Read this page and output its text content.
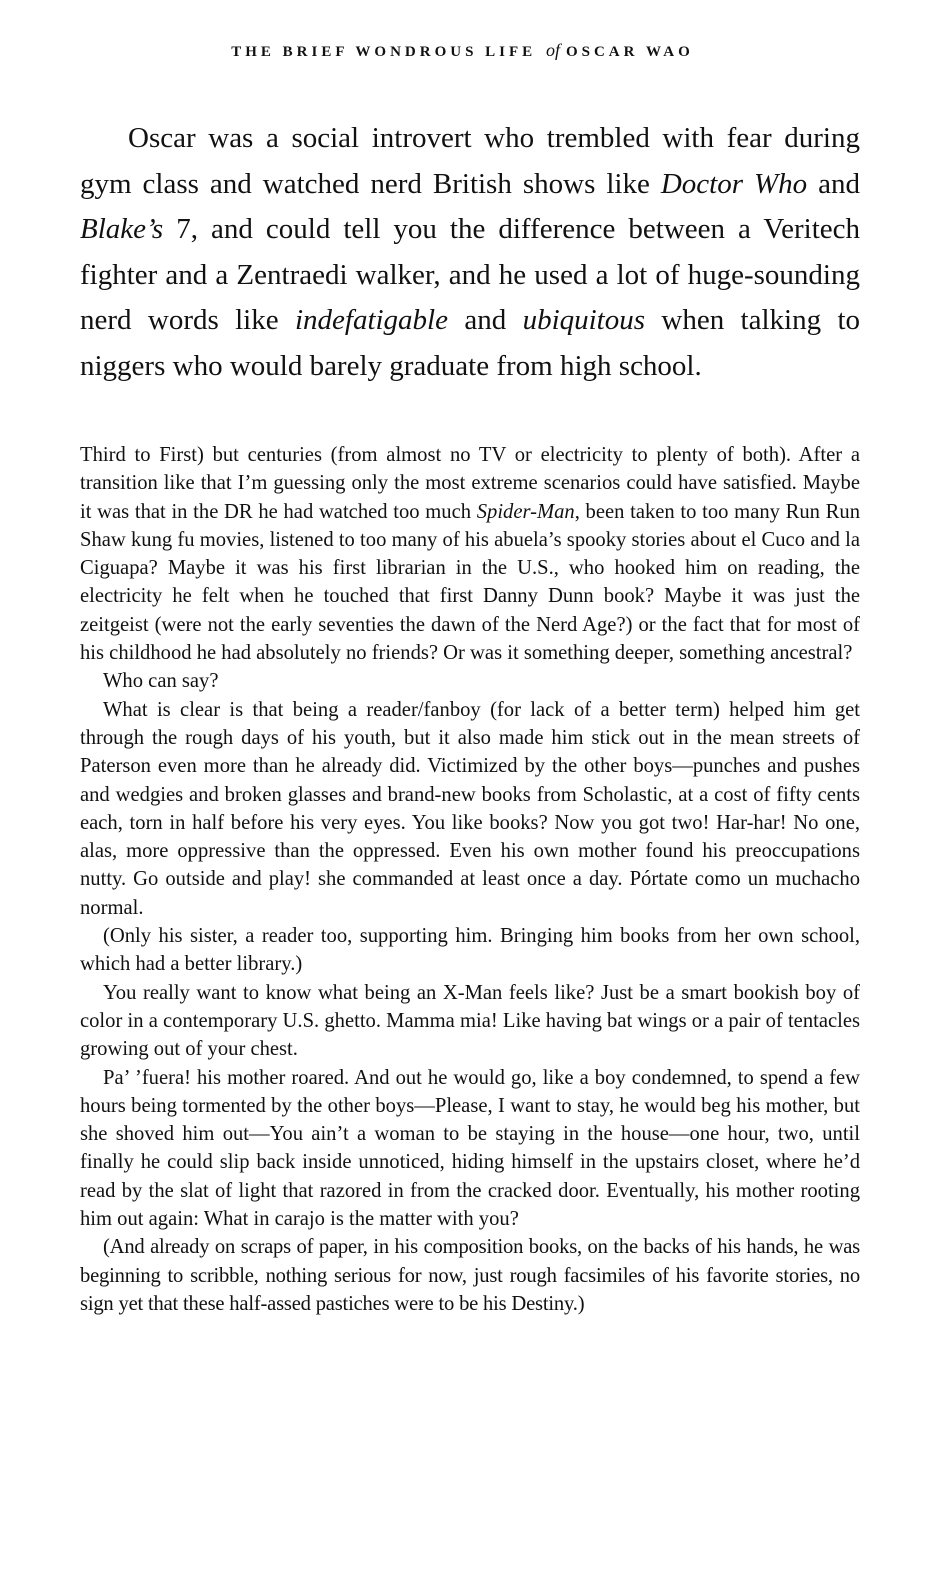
THE BRIEF WONDROUS LIFE of OSCAR WAO

Oscar was a social introvert who trembled with fear during gym class and watched nerd British shows like Doctor Who and Blake’s 7, and could tell you the difference between a Veritech fighter and a Zentraedi walker, and he used a lot of huge-sounding nerd words like indefatigable and ubiquitous when talking to niggers who would barely graduate from high school.

Third to First) but centuries (from almost no TV or electricity to plenty of both). After a transition like that I’m guessing only the most extreme scenarios could have satisfied. Maybe it was that in the DR he had watched too much Spider-Man, been taken to too many Run Run Shaw kung fu movies, listened to too many of his abuela’s spooky stories about el Cuco and la Ciguapa? Maybe it was his first librarian in the U.S., who hooked him on reading, the electricity he felt when he touched that first Danny Dunn book? Maybe it was just the zeitgeist (were not the early seventies the dawn of the Nerd Age?) or the fact that for most of his childhood he had absolutely no friends? Or was it something deeper, something ancestral?

Who can say?

What is clear is that being a reader/fanboy (for lack of a better term) helped him get through the rough days of his youth, but it also made him stick out in the mean streets of Paterson even more than he already did. Victimized by the other boys—punches and pushes and wedgies and broken glasses and brand-new books from Scholastic, at a cost of fifty cents each, torn in half before his very eyes. You like books? Now you got two! Har-har! No one, alas, more oppressive than the oppressed. Even his own mother found his preoccupations nutty. Go outside and play! she commanded at least once a day. Pórtate como un muchacho normal.

(Only his sister, a reader too, supporting him. Bringing him books from her own school, which had a better library.)

You really want to know what being an X-Man feels like? Just be a smart bookish boy of color in a contemporary U.S. ghetto. Mamma mia! Like having bat wings or a pair of tentacles growing out of your chest.

Pa’ ’fuera! his mother roared. And out he would go, like a boy condemned, to spend a few hours being tormented by the other boys—Please, I want to stay, he would beg his mother, but she shoved him out—You ain’t a woman to be staying in the house—one hour, two, until finally he could slip back inside unnoticed, hiding himself in the upstairs closet, where he’d read by the slat of light that razored in from the cracked door. Eventually, his mother rooting him out again: What in carajo is the matter with you?

(And already on scraps of paper, in his composition books, on the backs of his hands, he was beginning to scribble, nothing serious for now, just rough facsimiles of his favorite stories, no sign yet that these half-assed pastiches were to be his Destiny.)
